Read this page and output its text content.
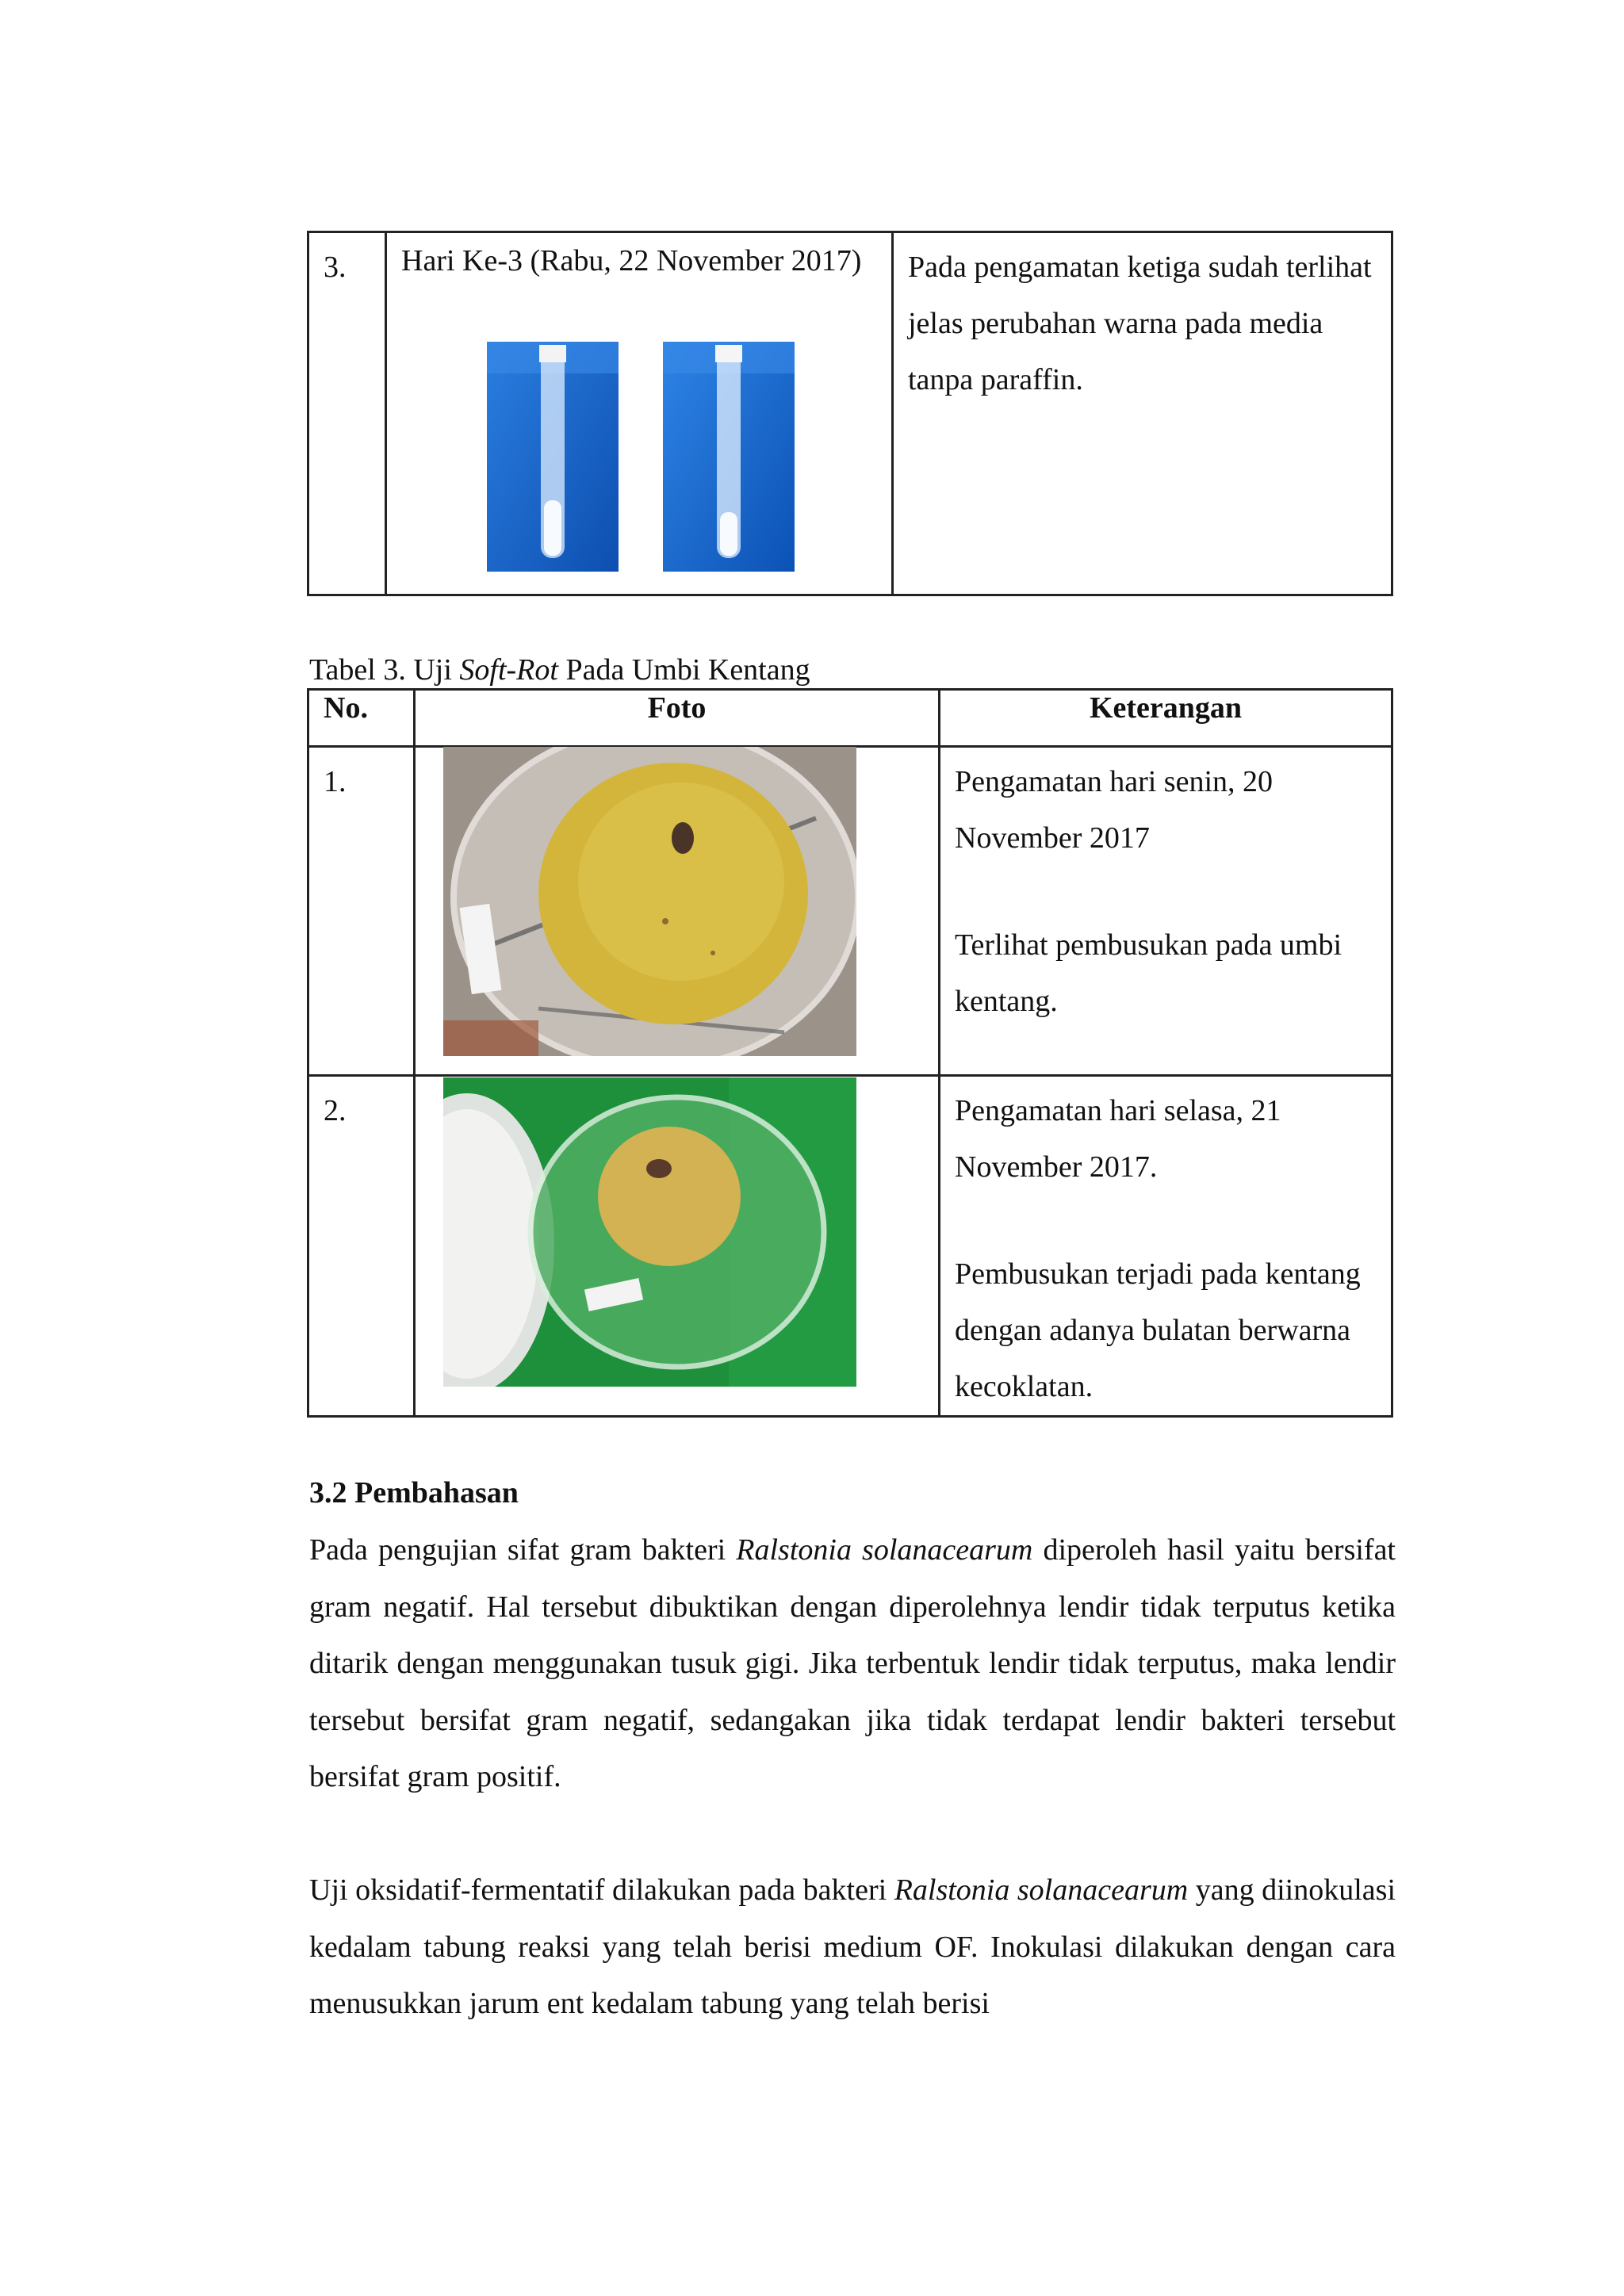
3.	Hari Ke-3 (Rabu, 22 November 2017)	Pada pengamatan ketiga sudah terlihat jelas perubahan warna pada media tanpa paraffin.
Tabel 3. Uji Soft-Rot Pada Umbi Kentang
No.	Foto	Keterangan

1.		Pengamatan hari senin, 20 November 2017
Terlihat pembusukan pada umbi kentang.

2.		Pengamatan hari selasa, 21 November 2017.
Pembusukan terjadi pada kentang dengan adanya bulatan berwarna kecoklatan.
3.2 Pembahasan
Pada pengujian sifat gram bakteri Ralstonia solanacearum diperoleh hasil yaitu bersifat gram negatif. Hal tersebut dibuktikan dengan diperolehnya lendir tidak terputus ketika ditarik dengan menggunakan tusuk gigi. Jika terbentuk lendir tidak terputus, maka lendir tersebut bersifat gram negatif, sedangakan jika tidak terdapat lendir bakteri tersebut bersifat gram positif.
Uji oksidatif-fermentatif dilakukan pada bakteri Ralstonia solanacearum yang diinokulasi kedalam tabung reaksi yang telah berisi medium OF. Inokulasi dilakukan dengan cara menusukkan jarum ent kedalam tabung yang telah berisi
